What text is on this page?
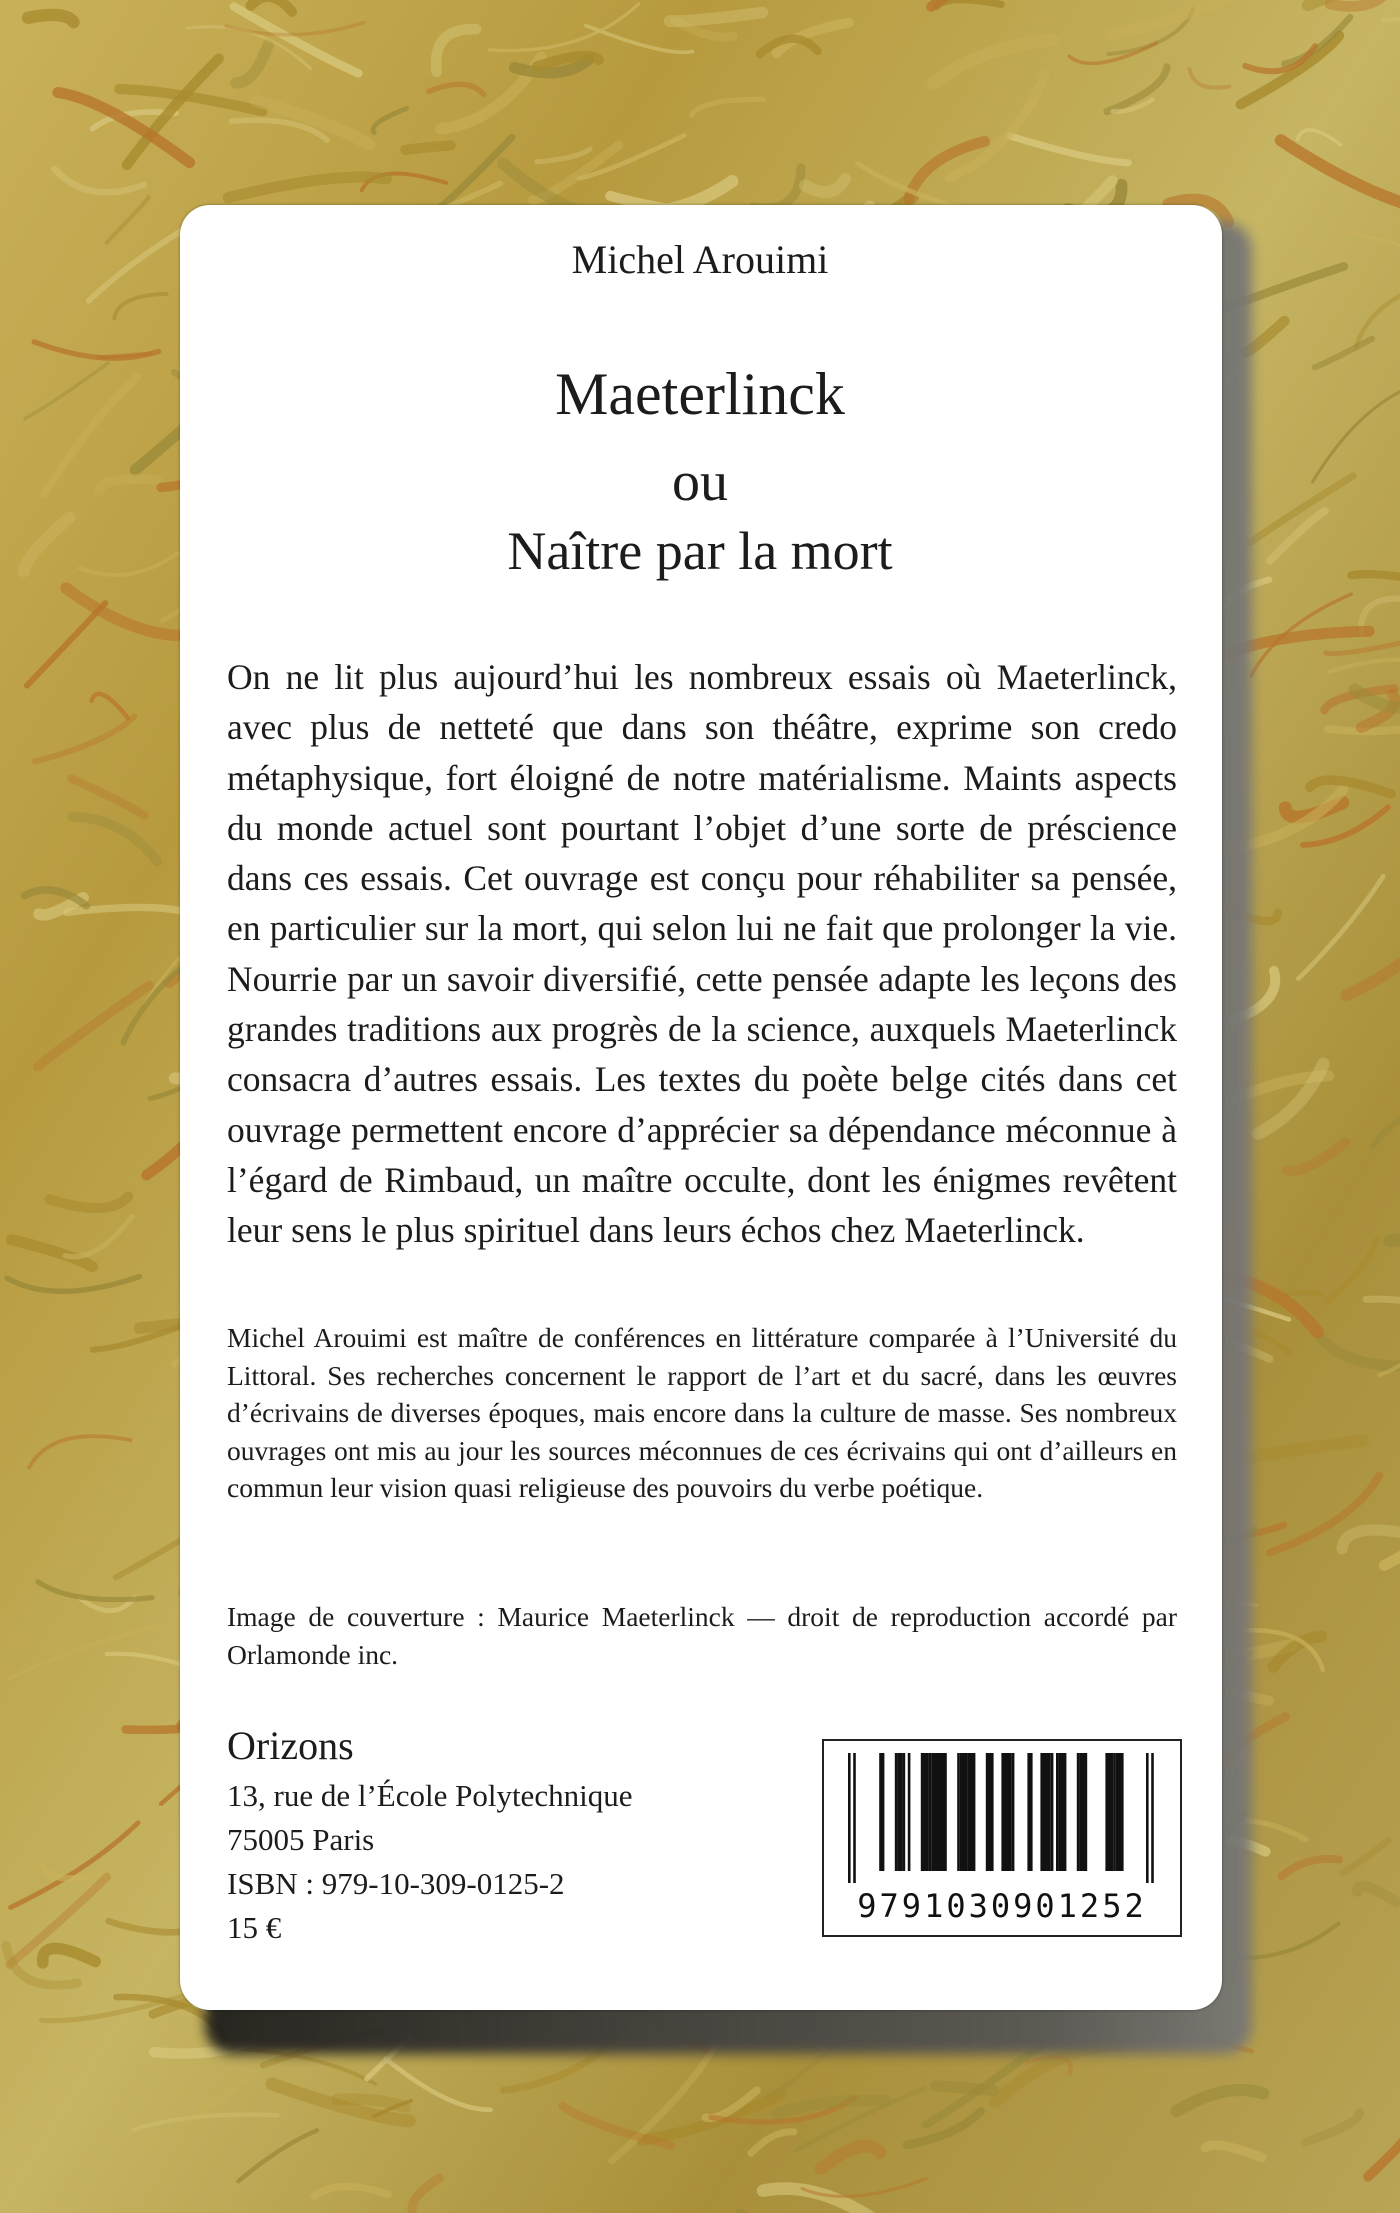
Michel Arouimi
Maeterlinck
ou
Naître par la mort

On ne lit plus aujourd’hui les nombreux essais où Maeterlinck, avec plus de netteté que dans son théâtre, exprime son credo métaphysique, fort éloigné de notre matérialisme. Maints aspects du monde actuel sont pourtant l’objet d’une sorte de préscience dans ces essais. Cet ouvrage est conçu pour réhabiliter sa pensée, en particulier sur la mort, qui selon lui ne fait que prolonger la vie. Nourrie par un savoir diversifié, cette pensée adapte les leçons des grandes traditions aux progrès de la science, auxquels Maeterlinck consacra d’autres essais. Les textes du poète belge cités dans cet ouvrage permettent encore d’apprécier sa dépendance méconnue à l’égard de Rimbaud, un maître occulte, dont les énigmes revêtent leur sens le plus spirituel dans leurs échos chez Maeterlinck.

Michel Arouimi est maître de conférences en littérature comparée à l’Université du Littoral. Ses recherches concernent le rapport de l’art et du sacré, dans les œuvres d’écrivains de diverses époques, mais encore dans la culture de masse. Ses nombreux ouvrages ont mis au jour les sources méconnues de ces écrivains qui ont d’ailleurs en commun leur vision quasi religieuse des pouvoirs du verbe poétique.

Image de couverture : Maurice Maeterlinck — droit de reproduction accordé par Orlamonde inc.

Orizons
13, rue de l’École Polytechnique
75005 Paris
ISBN : 979-10-309-0125-2
15 €
9791030901252
